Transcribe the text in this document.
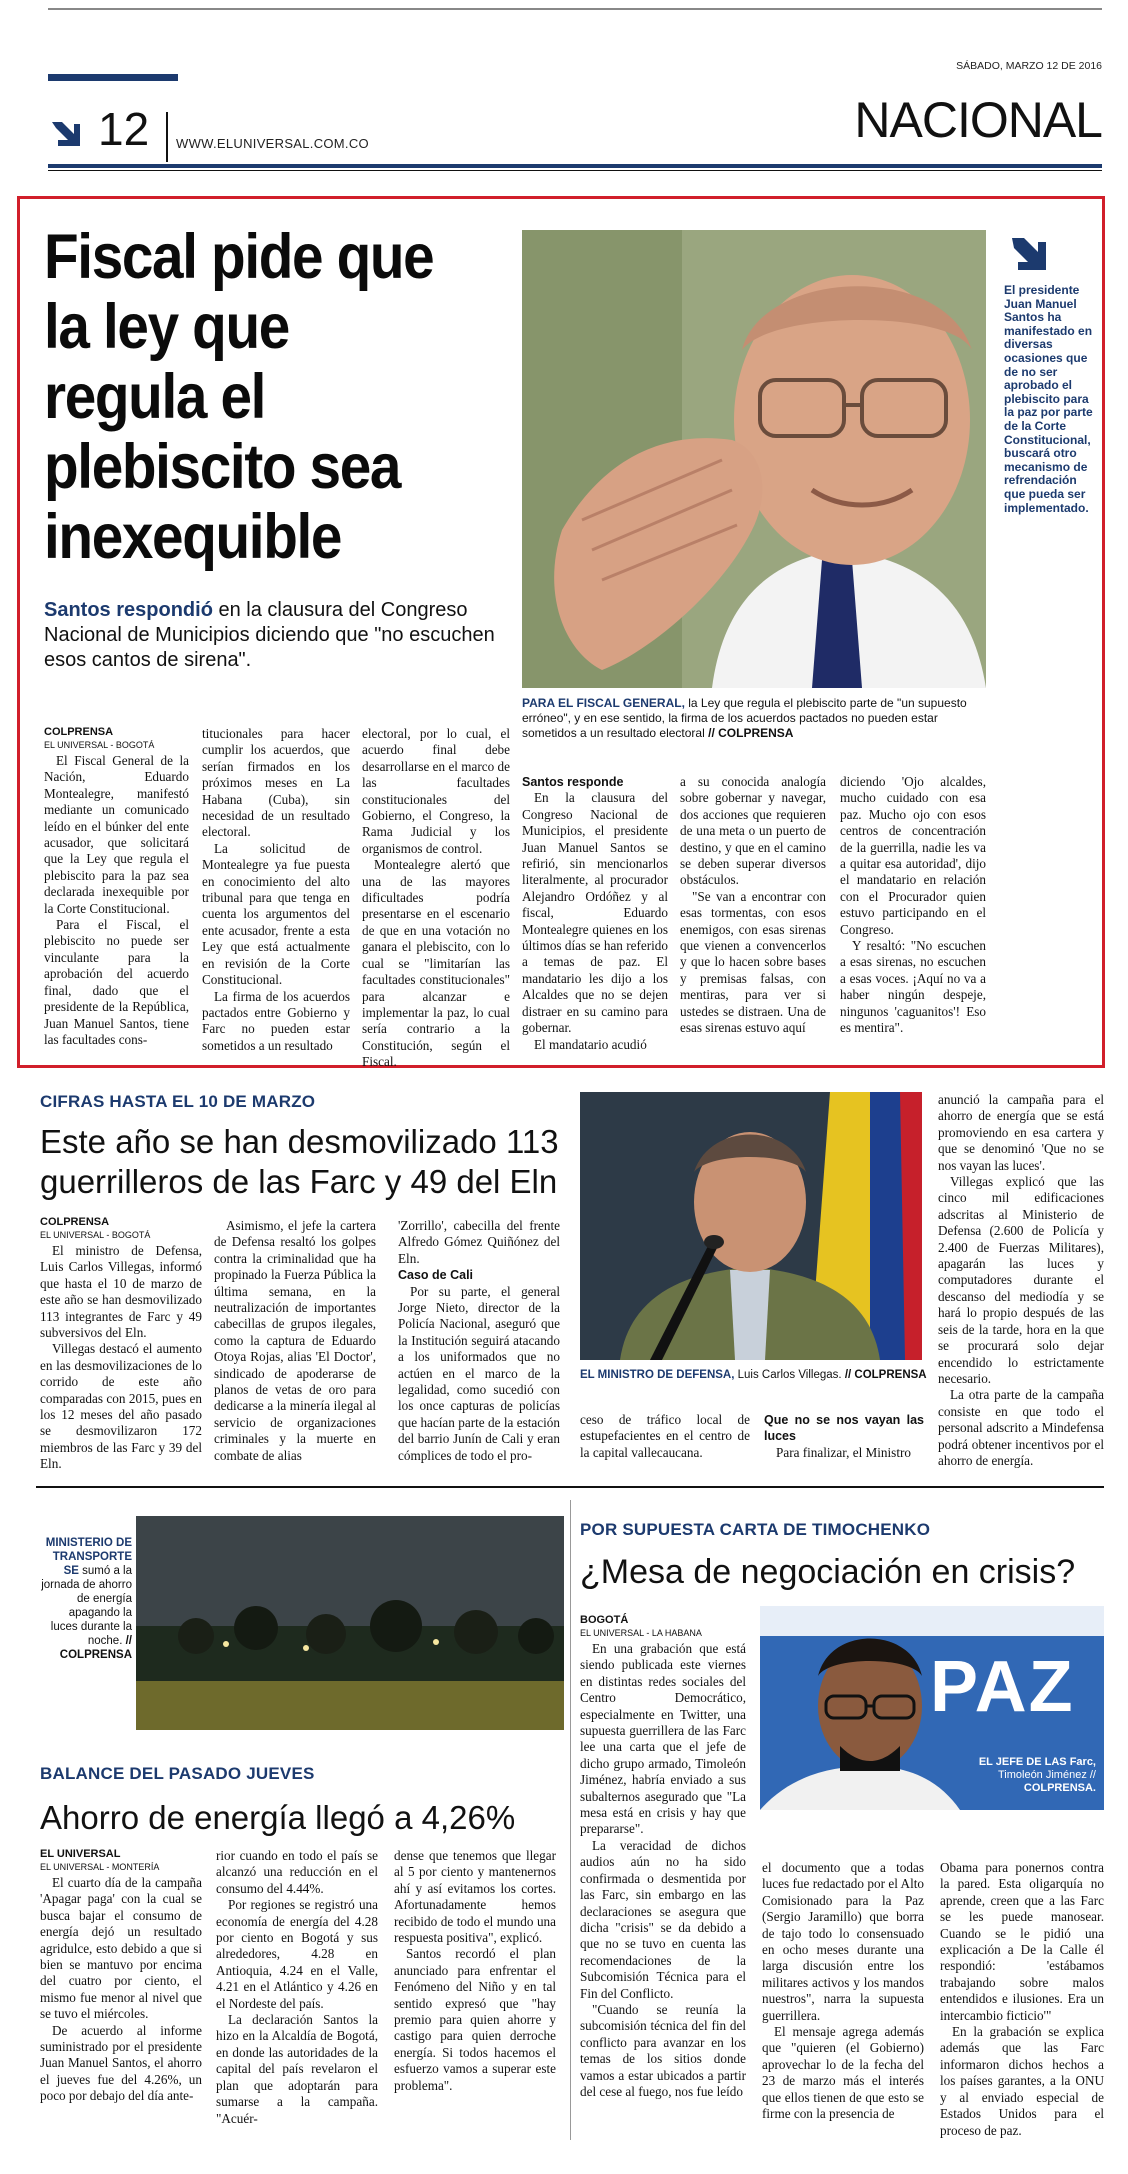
SÁBADO, MARZO 12 DE 2016
12 WWW.ELUNIVERSAL.COM.CO	NACIONAL
Fiscal pide que la ley que regula el plebiscito sea inexequible
Santos respondió en la clausura del Congreso Nacional de Municipios diciendo que "no escuchen esos cantos de sirena".
El presidente Juan Manuel Santos ha manifestado en diversas ocasiones que de no ser aprobado el plebiscito para la paz por parte de la Corte Constitucional, buscará otro mecanismo de refrendación que pueda ser implementado.
PARA EL FISCAL GENERAL, la Ley que regula el plebiscito parte de "un supuesto erróneo", y en ese sentido, la firma de los acuerdos pactados no pueden estar sometidos a un resultado electoral // COLPRENSA
COLPRENSA
EL UNIVERSAL - BOGOTÁ

El Fiscal General de la Nación, Eduardo Montealegre, manifestó mediante un comunicado leído en el búnker del ente acusador, que solicitará que la Ley que regula el plebiscito para la paz sea declarada inexequible por la Corte Constitucional.

Para el Fiscal, el plebiscito no puede ser vinculante para la aprobación del acuerdo final, dado que el presidente de la República, Juan Manuel Santos, tiene las facultades cons-

titucionales para hacer cumplir los acuerdos, que serían firmados en los próximos meses en La Habana (Cuba), sin necesidad de un resultado electoral.

La solicitud de Montealegre ya fue puesta en conocimiento del alto tribunal para que tenga en cuenta los argumentos del ente acusador, frente a esta Ley que está actualmente en revisión de la Corte Constitucional.

La firma de los acuerdos pactados entre Gobierno y Farc no pueden estar sometidos a un resultado

electoral, por lo cual, el acuerdo final debe desarrollarse en el marco de las facultades constitucionales del Gobierno, el Congreso, la Rama Judicial y los organismos de control.

Montealegre alertó que una de las mayores dificultades podría presentarse en el escenario de que en una votación no ganara el plebiscito, con lo cual se "limitarían las facultades constitucionales" para alcanzar e implementar la paz, lo cual sería contrario a la Constitución, según el Fiscal.

Santos responde

En la clausura del Congreso Nacional de Municipios, el presidente Juan Manuel Santos se refirió, sin mencionarlos literalmente, al procurador Alejandro Ordóñez y al fiscal, Eduardo Montealegre quienes en los últimos días se han referido a temas de paz. El mandatario les dijo a los Alcaldes que no se dejen distraer en su camino para gobernar.

El mandatario acudió

a su conocida analogía sobre gobernar y navegar, dos acciones que requieren de una meta o un puerto de destino, y que en el camino se deben superar diversos obstáculos.

"Se van a encontrar con esas tormentas, con esos enemigos, con esas sirenas que vienen a convencerlos y que lo hacen sobre bases y premisas falsas, con mentiras, para ver si ustedes se distraen. Una de esas sirenas estuvo aquí

diciendo 'Ojo alcaldes, mucho cuidado con esa paz. Mucho ojo con esos centros de concentración de la guerrilla, nadie les va a quitar esa autoridad', dijo el mandatario en relación con el Procurador quien estuvo participando en el Congreso.

Y resaltó: "No escuchen a esas sirenas, no escuchen a esas voces. ¡Aquí no va a haber ningún despeje, ningunos 'caguanitos'! Eso es mentira".

CIFRAS HASTA EL 10 DE MARZO
Este año se han desmovilizado 113 guerrilleros de las Farc y 49 del Eln
COLPRENSA
EL UNIVERSAL - BOGOTÁ

El ministro de Defensa, Luis Carlos Villegas, informó que hasta el 10 de marzo de este año se han desmovilizado 113 integrantes de Farc y 49 subversivos del Eln.

Villegas destacó el aumento en las desmovilizaciones de lo corrido de este año comparadas con 2015, pues en los 12 meses del año pasado se desmovilizaron 172 miembros de las Farc y 39 del Eln.

Asimismo, el jefe la cartera de Defensa resaltó los golpes contra la criminalidad que ha propinado la Fuerza Pública la última semana, en la neutralización de importantes cabecillas de grupos ilegales, como la captura de Eduardo Otoya Rojas, alias 'El Doctor', sindicado de apoderarse de planos de vetas de oro para dedicarse a la minería ilegal al servicio de organizaciones criminales y la muerte en combate de alias

'Zorrillo', cabecilla del frente Alfredo Gómez Quiñónez del Eln.

Caso de Cali

Por su parte, el general Jorge Nieto, director de la Policía Nacional, aseguró que la Institución seguirá atacando a los uniformados que no actúen en el marco de la legalidad, como sucedió con los once capturas de policías que hacían parte de la estación del barrio Junín de Cali y eran cómplices de todo el pro-

EL MINISTRO DE DEFENSA, Luis Carlos Villegas. // COLPRENSA

ceso de tráfico local de estupefacientes en el centro de la capital vallecaucana.

Que no se nos vayan las luces

Para finalizar, el Ministro

anunció la campaña para el ahorro de energía que se está promoviendo en esa cartera y que se denominó 'Que no se nos vayan las luces'.

Villegas explicó que las cinco mil edificaciones adscritas al Ministerio de Defensa (2.600 de Policía y 2.400 de Fuerzas Militares), apagarán las luces y computadores durante el descanso del mediodía y se hará lo propio después de las seis de la tarde, hora en la que se procurará solo dejar encendido lo estrictamente necesario.

La otra parte de la campaña consiste en que todo el personal adscrito a Mindefensa podrá obtener incentivos por el ahorro de energía.

MINISTERIO DE TRANSPORTE SE sumó a la jornada de ahorro de energía apagando la luces durante la noche. // COLPRENSA
BALANCE DEL PASADO JUEVES
Ahorro de energía llegó a 4,26%
EL UNIVERSAL
EL UNIVERSAL - MONTERÍA

El cuarto día de la campaña 'Apagar paga' con la cual se busca bajar el consumo de energía dejó un resultado agridulce, esto debido a que si bien se mantuvo por encima del cuatro por ciento, el mismo fue menor al nivel que se tuvo el miércoles.

De acuerdo al informe suministrado por el presidente Juan Manuel Santos, el ahorro el jueves fue del 4.26%, un poco por debajo del día ante-

rior cuando en todo el país se alcanzó una reducción en el consumo del 4.44%.

Por regiones se registró una economía de energía del 4.28 por ciento en Bogotá y sus alrededores, 4.28 en Antioquia, 4.24 en el Valle, 4.21 en el Atlántico y 4.26 en el Nordeste del país.

La declaración Santos la hizo en la Alcaldía de Bogotá, en donde las autoridades de la capital del país revelaron el plan que adoptarán para sumarse a la campaña. "Acuér-

dense que tenemos que llegar al 5 por ciento y mantenernos ahí y así evitamos los cortes. Afortunadamente hemos recibido de todo el mundo una respuesta positiva", explicó.

Santos recordó el plan anunciado para enfrentar el Fenómeno del Niño y en tal sentido expresó que "hay premio para quien ahorre y castigo para quien derroche energía. Si todos hacemos el esfuerzo vamos a superar este problema".

POR SUPUESTA CARTA DE TIMOCHENKO
¿Mesa de negociación en crisis?
PAZ
EL JEFE DE LAS Farc, Timoleón Jiménez // COLPRENSA.
BOGOTÁ
EL UNIVERSAL - LA HABANA

En una grabación que está siendo publicada este viernes en distintas redes sociales del Centro Democrático, especialmente en Twitter, una supuesta guerrillera de las Farc lee una carta que el jefe de dicho grupo armado, Timoleón Jiménez, habría enviado a sus subalternos asegurado que "La mesa está en crisis y hay que prepararse".

La veracidad de dichos audios aún no ha sido confirmada o desmentida por las Farc, sin embargo en las declaraciones se asegura que dicha "crisis" se da debido a que no se tuvo en cuenta las recomendaciones de la Subcomisión Técnica para el Fin del Conflicto.

"Cuando se reunía la subcomisión técnica del fin del conflicto para avanzar en los temas de los sitios donde vamos a estar ubicados a partir del cese al fuego, nos fue leído

el documento que a todas luces fue redactado por el Alto Comisionado para la Paz (Sergio Jaramillo) que borra de tajo todo lo consensuado en ocho meses durante una larga discusión entre los militares activos y los mandos nuestros", narra la supuesta guerrillera.

El mensaje agrega además que "quieren (el Gobierno) aprovechar lo de la fecha del 23 de marzo más el interés que ellos tienen de que esto se firme con la presencia de

Obama para ponernos contra la pared. Esta oligarquía no aprende, creen que a las Farc se les puede manosear. Cuando se le pidió una explicación a De la Calle él respondió: 'estábamos trabajando sobre malos entendidos e ilusiones. Era un intercambio ficticio'"

En la grabación se explica además que las Farc informaron dichos hechos a los países garantes, a la ONU y al enviado especial de Estados Unidos para el proceso de paz.
